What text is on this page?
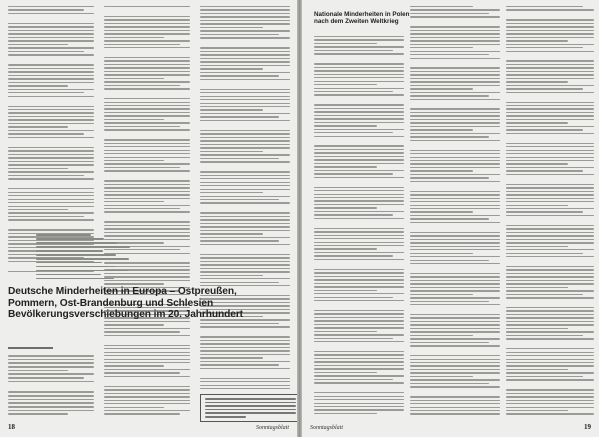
Deutsche Minderheiten in Europa – Ostpreußen, Pommern, Ost-Brandenburg und Schlesien Bevölkerungsverschiebungen im 20. Jahrhundert
18	Sonntagsblatt
Nationale Minderheiten in Polen nach dem Zweiten Weltkrieg
19
Sonntagsblatt
